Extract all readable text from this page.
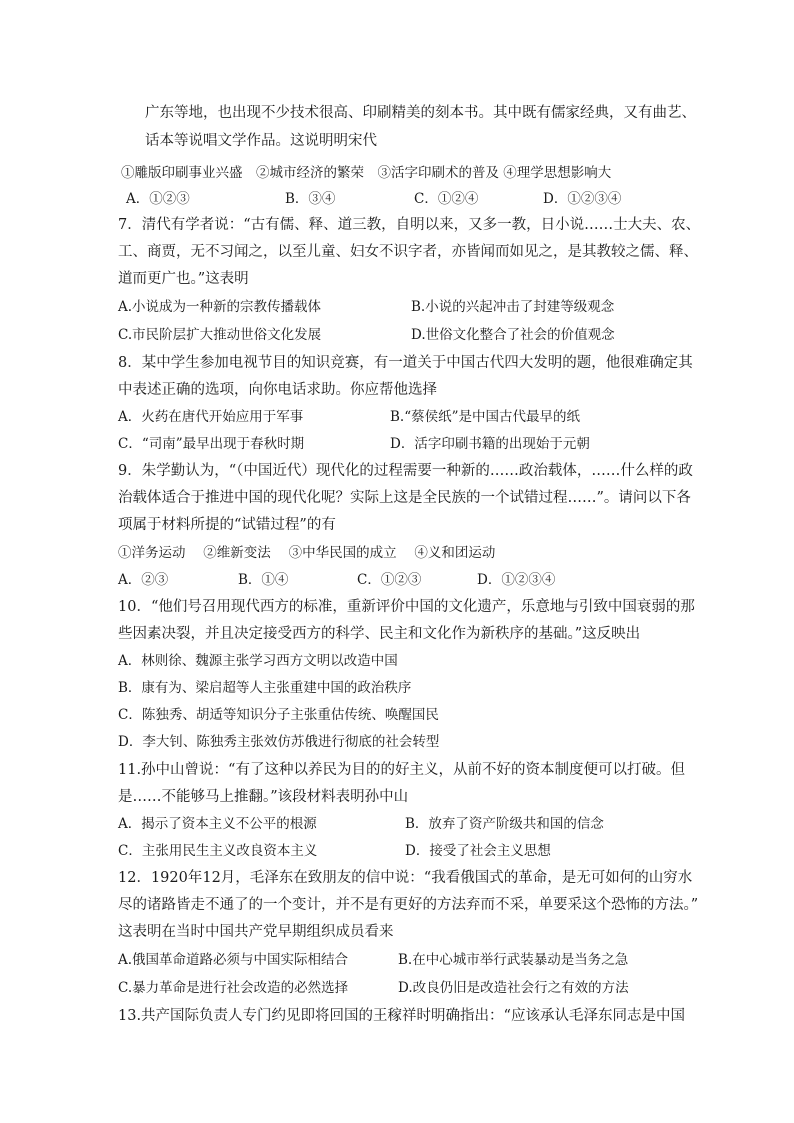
广东等地，也出现不少技术很高、印刷精美的刻本书。其中既有儒家经典，又有曲艺、
话本等说唱文学作品。这说明明宋代
①雕版印刷事业兴盛　②城市经济的繁荣　③活字印刷术的普及 ④理学思想影响大
A．①②③	B．③④	C．①②④	D．①②③④
7．清代有学者说：“古有儒、释、道三教，自明以来，又多一教，日小说……士大夫、农、
工、商贾，无不习闻之，以至儿童、妇女不识字者，亦皆闻而如见之，是其教较之儒、释、
道而更广也。”这表明
A.小说成为一种新的宗教传播载体	B.小说的兴起冲击了封建等级观念
C.市民阶层扩大推动世俗文化发展	D.世俗文化整合了社会的价值观念
8．某中学生参加电视节目的知识竞赛，有一道关于中国古代四大发明的题，他很难确定其
中表述正确的选项，向你电话求助。你应帮他选择
A．火药在唐代开始应用于军事	B.“蔡侯纸”是中国古代最早的纸
C．“司南”最早出现于春秋时期	D．活字印刷书籍的出现始于元朝
9．朱学勤认为，“（中国近代）现代化的过程需要一种新的……政治载体，……什么样的政
治载体适合于推进中国的现代化呢？实际上这是全民族的一个试错过程……”。请问以下各
项属于材料所提的“试错过程”的有
①洋务运动　 ②维新变法　 ③中华民国的成立　 ④义和团运动
A．②③	B．①④	C．①②③	D．①②③④
10．“他们号召用现代西方的标准，重新评价中国的文化遗产，乐意地与引致中国衰弱的那
些因素决裂，并且决定接受西方的科学、民主和文化作为新秩序的基础。”这反映出
A．林则徐、魏源主张学习西方文明以改造中国
B．康有为、梁启超等人主张重建中国的政治秩序
C．陈独秀、胡适等知识分子主张重估传统、唤醒国民
D．李大钊、陈独秀主张效仿苏俄进行彻底的社会转型
11.孙中山曾说：“有了这种以养民为目的的好主义，从前不好的资本制度便可以打破。但
是……不能够马上推翻。”该段材料表明孙中山
A．揭示了资本主义不公平的根源	B．放弃了资产阶级共和国的信念
C．主张用民生主义改良资本主义	D．接受了社会主义思想
12．1920年12月，毛泽东在致朋友的信中说：“我看俄国式的革命，是无可如何的山穷水
尽的诸路皆走不通了的一个变计，并不是有更好的方法弃而不采，单要采这个恐怖的方法。”
这表明在当时中国共产党早期组织成员看来
A.俄国革命道路必须与中国实际相结合	B.在中心城市举行武装暴动是当务之急
C.暴力革命是进行社会改造的必然选择	D.改良仍旧是改造社会行之有效的方法
13.共产国际负责人专门约见即将回国的王稼祥时明确指出：“应该承认毛泽东同志是中国
